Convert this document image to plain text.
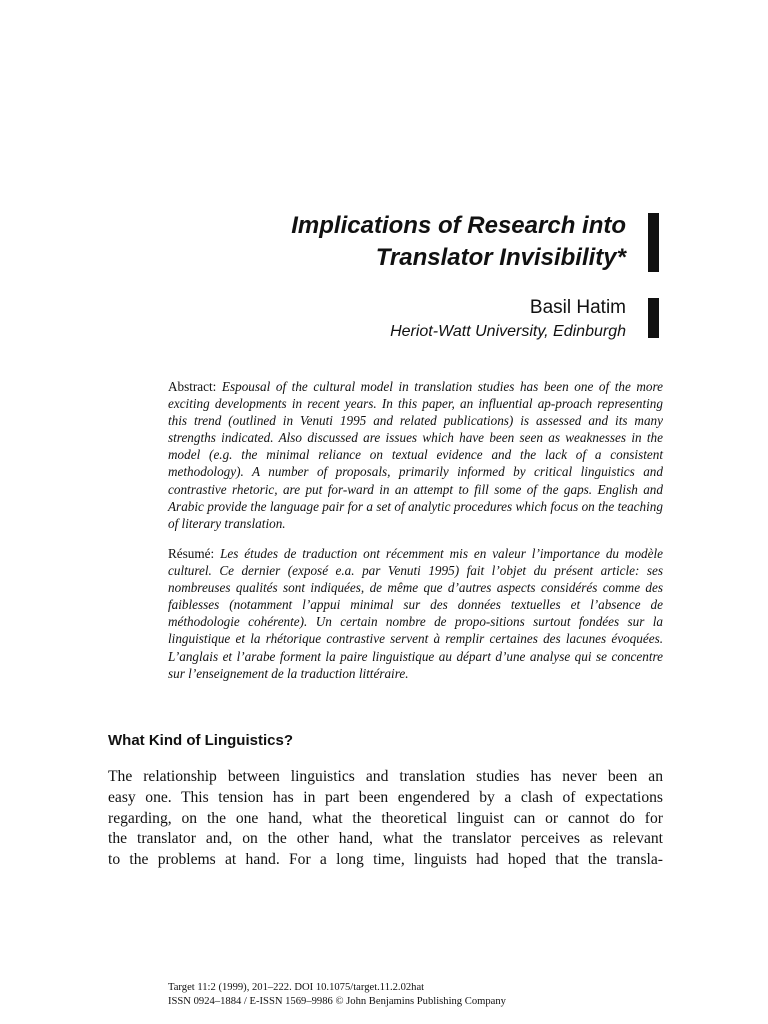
Implications of Research into
Translator Invisibility*
Basil Hatim
Heriot-Watt University, Edinburgh
Abstract: Espousal of the cultural model in translation studies has been one of the more exciting developments in recent years. In this paper, an influential ap-proach representing this trend (outlined in Venuti 1995 and related publications) is assessed and its many strengths indicated. Also discussed are issues which have been seen as weaknesses in the model (e.g. the minimal reliance on textual evidence and the lack of a consistent methodology). A number of proposals, primarily informed by critical linguistics and contrastive rhetoric, are put for-ward in an attempt to fill some of the gaps. English and Arabic provide the language pair for a set of analytic procedures which focus on the teaching of literary translation.
Résumé: Les études de traduction ont récemment mis en valeur l’importance du modèle culturel. Ce dernier (exposé e.a. par Venuti 1995) fait l’objet du présent article: ses nombreuses qualités sont indiquées, de même que d’autres aspects considérés comme des faiblesses (notamment l’appui minimal sur des données textuelles et l’absence de méthodologie cohérente). Un certain nombre de propo-sitions surtout fondées sur la linguistique et la rhétorique contrastive servent à remplir certaines des lacunes évoquées. L’anglais et l’arabe forment la paire linguistique au départ d’une analyse qui se concentre sur l’enseignement de la traduction littéraire.
What Kind of Linguistics?
The relationship between linguistics and translation studies has never been an
easy one. This tension has in part been engendered by a clash of expectations
regarding, on the one hand, what the theoretical linguist can or cannot do for
the translator and, on the other hand, what the translator perceives as relevant
to the problems at hand. For a long time, linguists had hoped that the transla-
Target 11:2 (1999), 201–222. DOI 10.1075/target.11.2.02hat
ISSN 0924–1884 / E-ISSN 1569–9986 © John Benjamins Publishing Company
